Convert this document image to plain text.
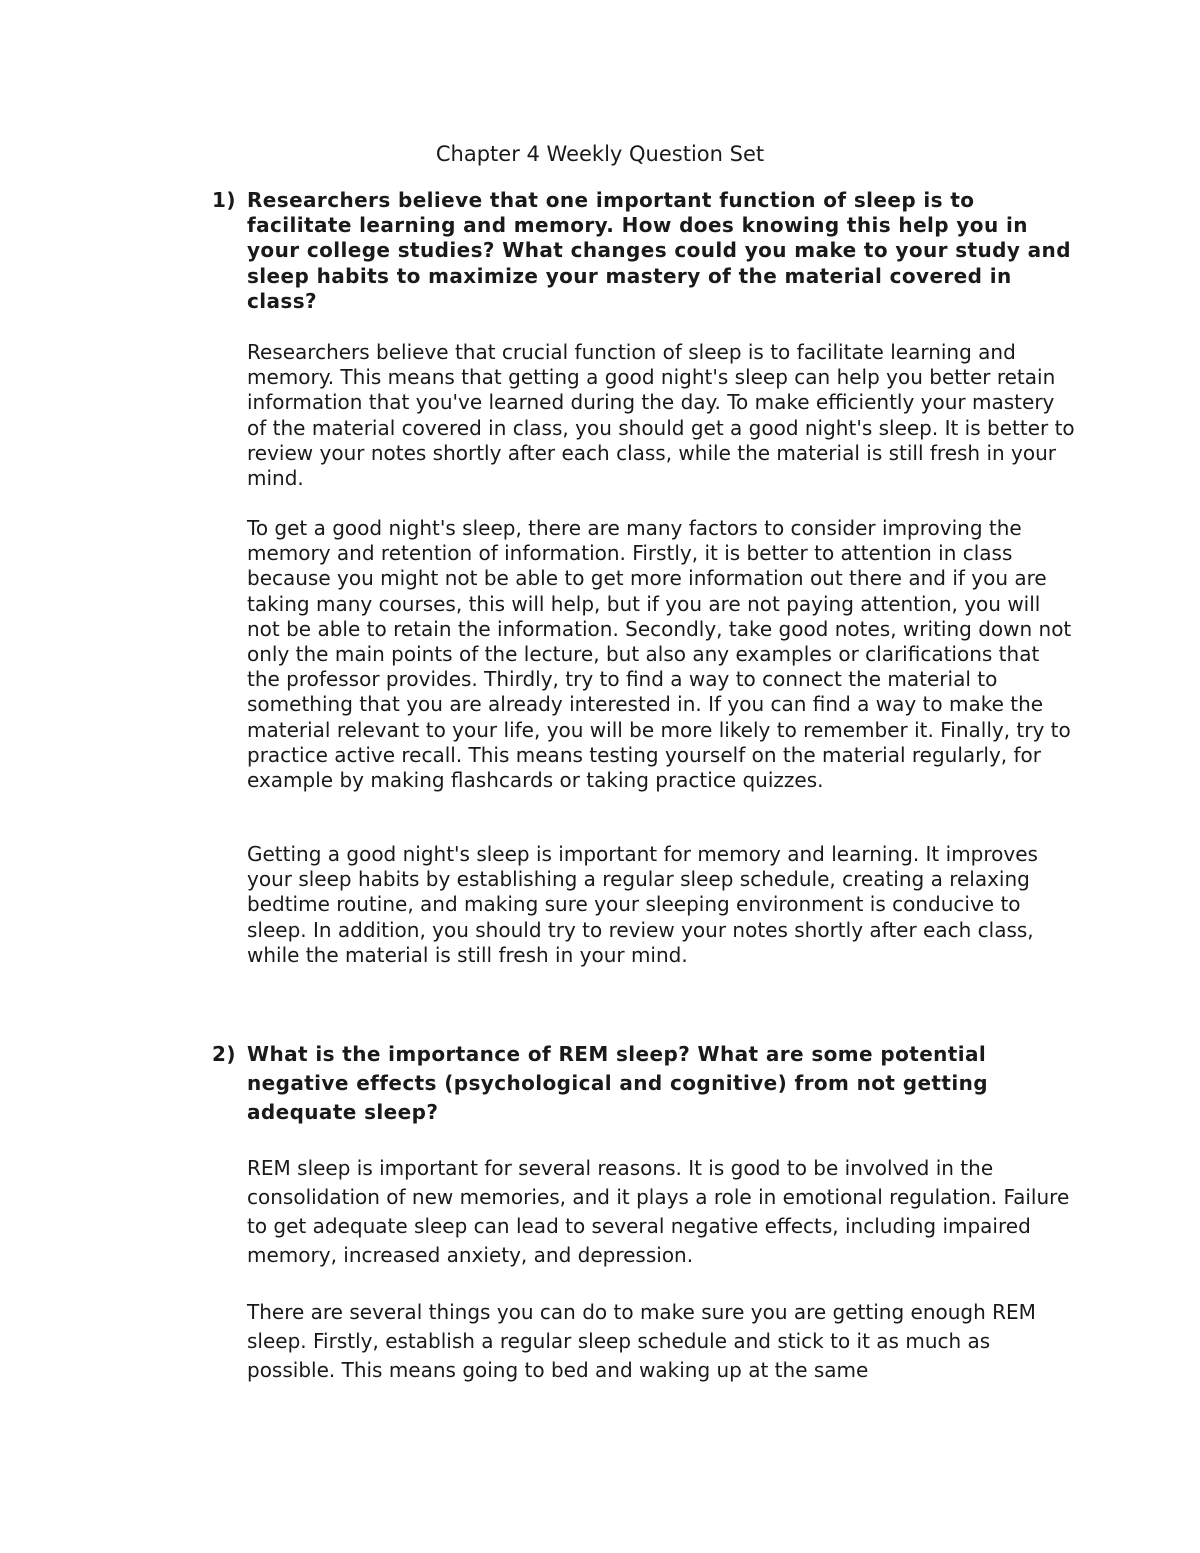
Chapter 4 Weekly Question Set

1) Researchers believe that one important function of sleep is to facilitate learning and memory. How does knowing this help you in your college studies? What changes could you make to your study and sleep habits to maximize your mastery of the material covered in class?

Researchers believe that crucial function of sleep is to facilitate learning and memory. This means that getting a good night's sleep can help you better retain information that you've learned during the day. To make efficiently your mastery of the material covered in class, you should get a good night's sleep. It is better to review your notes shortly after each class, while the material is still fresh in your mind.

To get a good night's sleep, there are many factors to consider improving the memory and retention of information. Firstly, it is better to attention in class because you might not be able to get more information out there and if you are taking many courses, this will help, but if you are not paying attention, you will not be able to retain the information. Secondly, take good notes, writing down not only the main points of the lecture, but also any examples or clarifications that the professor provides. Thirdly, try to find a way to connect the material to something that you are already interested in. If you can find a way to make the material relevant to your life, you will be more likely to remember it. Finally, try to practice active recall. This means testing yourself on the material regularly, for example by making flashcards or taking practice quizzes.

Getting a good night's sleep is important for memory and learning. It improves your sleep habits by establishing a regular sleep schedule, creating a relaxing bedtime routine, and making sure your sleeping environment is conducive to sleep. In addition, you should try to review your notes shortly after each class, while the material is still fresh in your mind.

2) What is the importance of REM sleep? What are some potential negative effects (psychological and cognitive) from not getting adequate sleep?

REM sleep is important for several reasons. It is good to be involved in the consolidation of new memories, and it plays a role in emotional regulation. Failure to get adequate sleep can lead to several negative effects, including impaired memory, increased anxiety, and depression.

There are several things you can do to make sure you are getting enough REM sleep. Firstly, establish a regular sleep schedule and stick to it as much as possible. This means going to bed and waking up at the same
